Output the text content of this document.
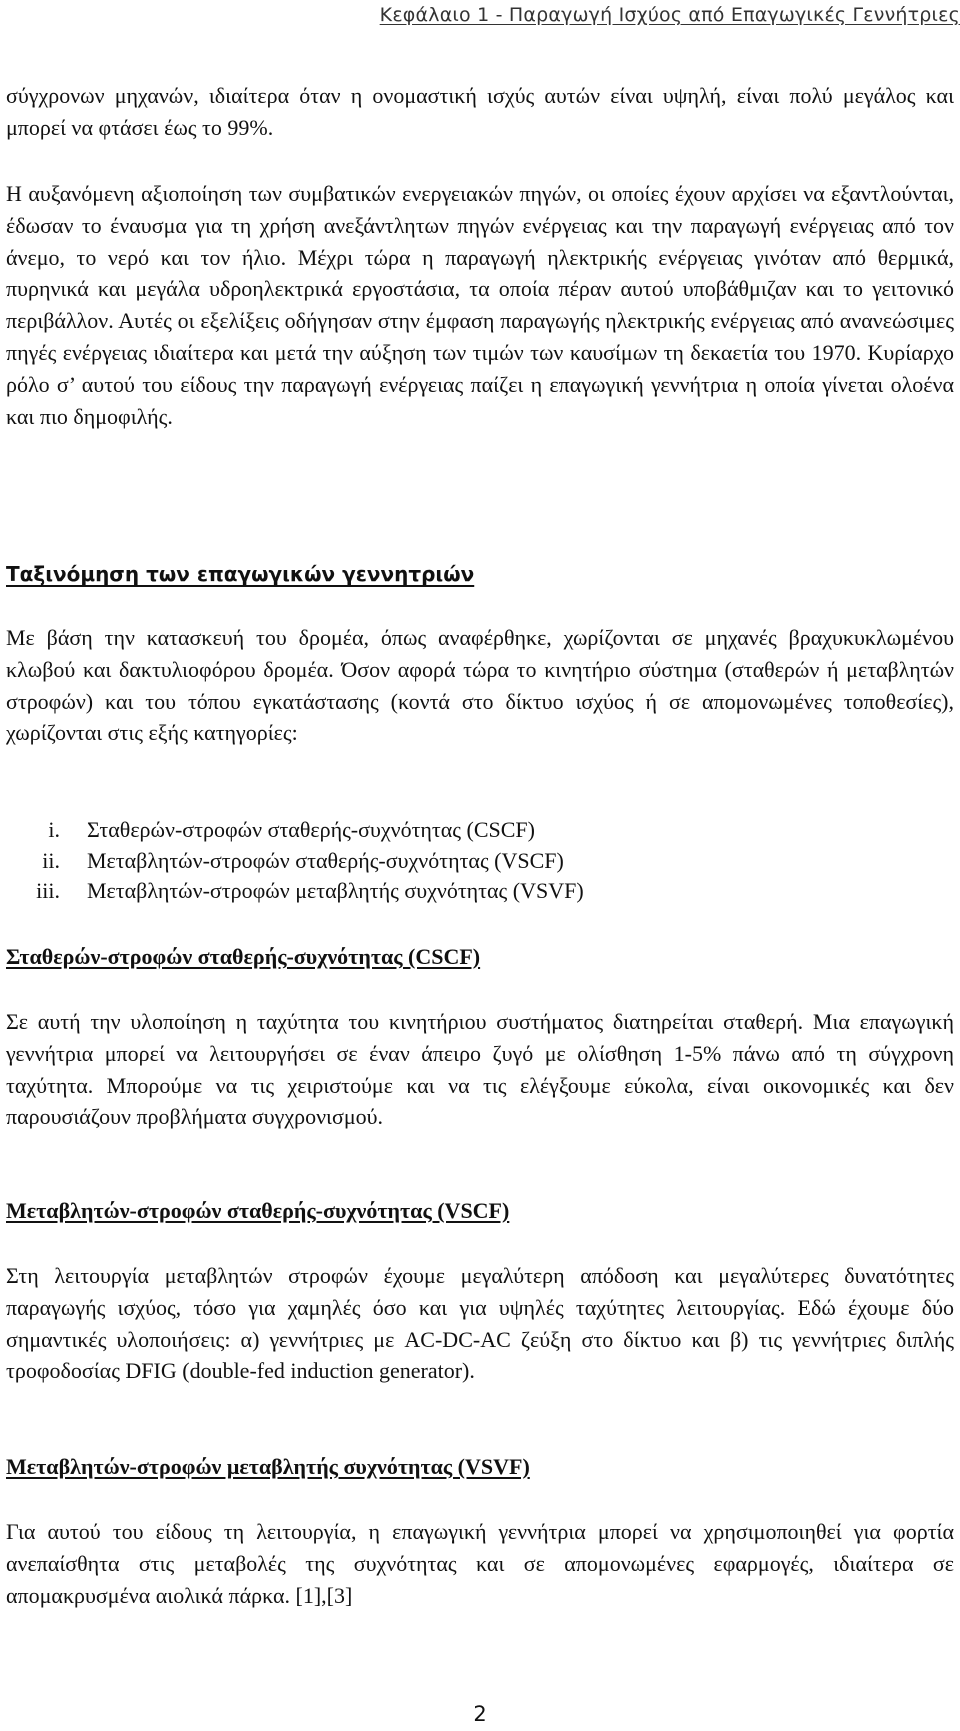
Κεφάλαιο 1 - Παραγωγή Ισχύος από Επαγωγικές Γεννήτριες

σύγχρονων μηχανών, ιδιαίτερα όταν η ονομαστική ισχύς αυτών είναι υψηλή, είναι πολύ μεγάλος και μπορεί να φτάσει έως το 99%.

Η αυξανόμενη αξιοποίηση των συμβατικών ενεργειακών πηγών, οι οποίες έχουν αρχίσει να εξαντλούνται, έδωσαν το έναυσμα για τη χρήση ανεξάντλητων πηγών ενέργειας και την παραγωγή ενέργειας από τον άνεμο, το νερό και τον ήλιο. Μέχρι τώρα η παραγωγή ηλεκτρικής ενέργειας γινόταν από θερμικά, πυρηνικά και μεγάλα υδροηλεκτρικά εργοστάσια, τα οποία πέραν αυτού υποβάθμιζαν και το γειτονικό περιβάλλον. Αυτές οι εξελίξεις οδήγησαν στην έμφαση παραγωγής ηλεκτρικής ενέργειας από ανανεώσιμες πηγές ενέργειας ιδιαίτερα και μετά την αύξηση των τιμών των καυσίμων τη δεκαετία του 1970. Κυρίαρχο ρόλο σ’ αυτού του είδους την παραγωγή ενέργειας παίζει η επαγωγική γεννήτρια η οποία γίνεται ολοένα και πιο δημοφιλής.

Ταξινόμηση των επαγωγικών γεννητριών

Με βάση την κατασκευή του δρομέα, όπως αναφέρθηκε, χωρίζονται σε μηχανές βραχυκυκλωμένου κλωβού και δακτυλιοφόρου δρομέα. Όσον αφορά τώρα το κινητήριο σύστημα (σταθερών ή μεταβλητών στροφών) και του τόπου εγκατάστασης (κοντά στο δίκτυο ισχύος ή σε απομονωμένες τοποθεσίες), χωρίζονται στις εξής κατηγορίες:

i. Σταθερών-στροφών σταθερής-συχνότητας (CSCF)
ii. Μεταβλητών-στροφών σταθερής-συχνότητας (VSCF)
iii. Μεταβλητών-στροφών μεταβλητής συχνότητας (VSVF)
Σταθερών-στροφών σταθερής-συχνότητας (CSCF)

Σε αυτή την υλοποίηση η ταχύτητα του κινητήριου συστήματος διατηρείται σταθερή. Μια επαγωγική γεννήτρια μπορεί να λειτουργήσει σε έναν άπειρο ζυγό με ολίσθηση 1-5% πάνω από τη σύγχρονη ταχύτητα. Μπορούμε να τις χειριστούμε και να τις ελέγξουμε εύκολα, είναι οικονομικές και δεν παρουσιάζουν προβλήματα συγχρονισμού.

Μεταβλητών-στροφών σταθερής-συχνότητας (VSCF)

Στη λειτουργία μεταβλητών στροφών έχουμε μεγαλύτερη απόδοση και μεγαλύτερες δυνατότητες παραγωγής ισχύος, τόσο για χαμηλές όσο και για υψηλές ταχύτητες λειτουργίας. Εδώ έχουμε δύο σημαντικές υλοποιήσεις: α) γεννήτριες με AC-DC-AC ζεύξη στο δίκτυο και β) τις γεννήτριες διπλής τροφοδοσίας DFIG (double-fed induction generator).

Μεταβλητών-στροφών μεταβλητής συχνότητας (VSVF)

Για αυτού του είδους τη λειτουργία, η επαγωγική γεννήτρια μπορεί να χρησιμοποιηθεί για φορτία ανεπαίσθητα στις μεταβολές της συχνότητας και σε απομονωμένες εφαρμογές, ιδιαίτερα σε απομακρυσμένα αιολικά πάρκα. [1],[3]

2
